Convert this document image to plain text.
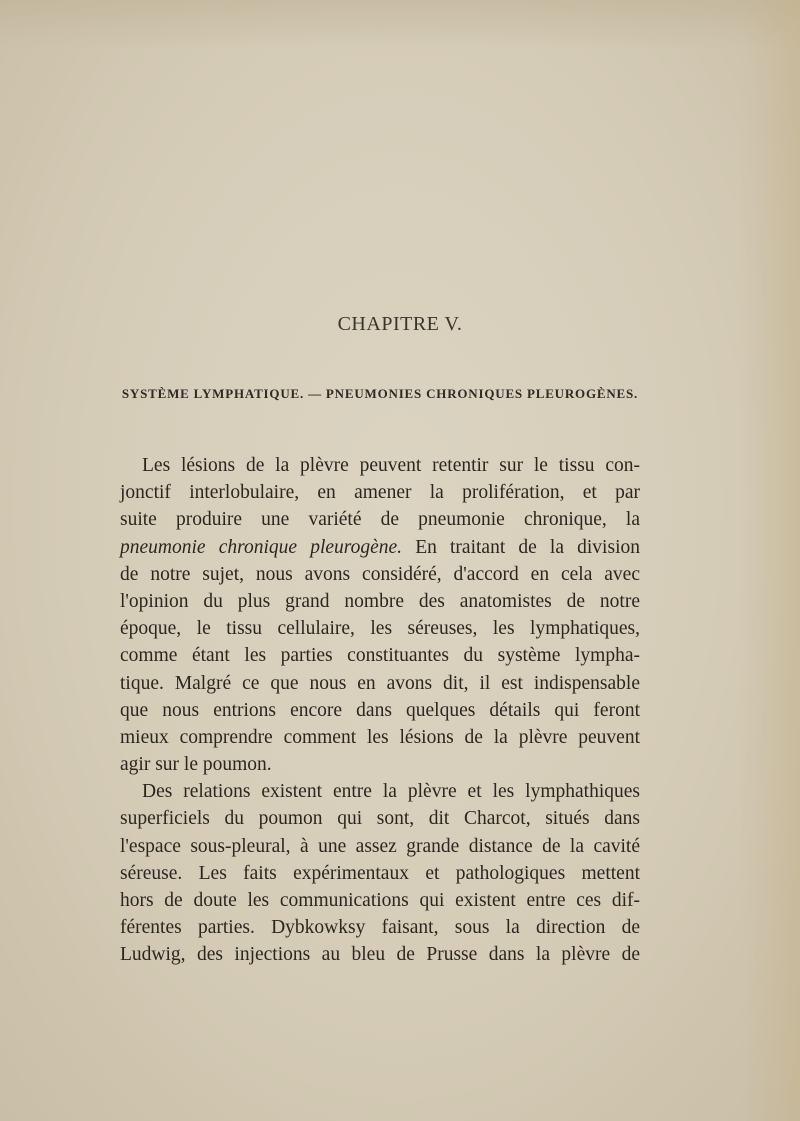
CHAPITRE V.
SYSTÈME LYMPHATIQUE. — PNEUMONIES CHRONIQUES PLEUROGÈNES.
Les lésions de la plèvre peuvent retentir sur le tissu con-
jonctif interlobulaire, en amener la prolifération, et par
suite produire une variété de pneumonie chronique, la
pneumonie chronique pleurogène. En traitant de la division
de notre sujet, nous avons considéré, d'accord en cela avec
l'opinion du plus grand nombre des anatomistes de notre
époque, le tissu cellulaire, les séreuses, les lymphatiques,
comme étant les parties constituantes du système lympha-
tique. Malgré ce que nous en avons dit, il est indispensable
que nous entrions encore dans quelques détails qui feront
mieux comprendre comment les lésions de la plèvre peuvent
agir sur le poumon.
Des relations existent entre la plèvre et les lymphathiques
superficiels du poumon qui sont, dit Charcot, situés dans
l'espace sous-pleural, à une assez grande distance de la cavité
séreuse. Les faits expérimentaux et pathologiques mettent
hors de doute les communications qui existent entre ces dif-
férentes parties. Dybkowksy faisant, sous la direction de
Ludwig, des injections au bleu de Prusse dans la plèvre de
